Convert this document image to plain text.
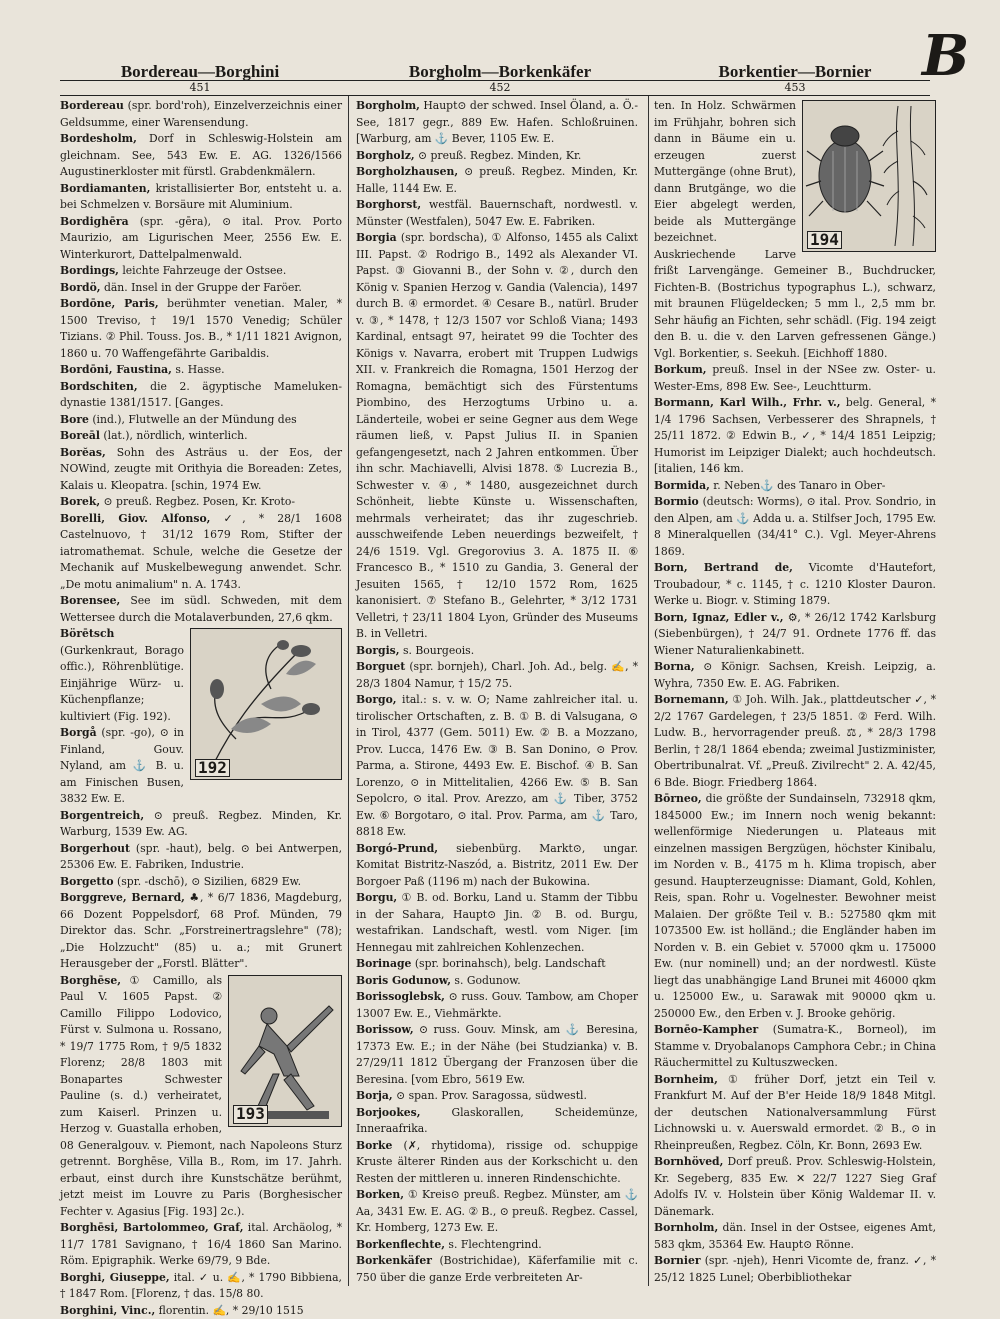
B
Bordereau—Borghini	Borgholm—Borkenkäfer	Borkentier—Bornier
451	452	453

Bordereau (spr. bord'roh), Einzelverzeichnis einer Geldsumme, einer Warensendung.

Bordesholm, Dorf in Schleswig-Holstein am gleichnam. See, 543 Ew. E. AG. 1326/1566 Augustinerkloster mit fürstl. Grabdenkmälern.

Bordiamanten, kristallisierter Bor, entsteht u. a. bei Schmelzen v. Borsäure mit Aluminium.

Bordighēra (spr. -gēra), ⊙ ital. Prov. Porto Maurizio, am Ligurischen Meer, 2556 Ew. E. Winterkurort, Dattelpalmenwald.

Bordings, leichte Fahrzeuge der Ostsee.

Bordö, dän. Insel in der Gruppe der Faröer.

Bordōne, Paris, berühmter venetian. Maler, * 1500 Treviso, † 19/1 1570 Venedig; Schüler Tizians. ② Phil. Touss. Jos. B., * 1/11 1821 Avignon, 1860 u. 70 Waffengefährte Garibaldis.

Bordōni, Faustina, s. Hasse.

Bordschiten, die 2. ägyptische Mameluken-dynastie 1381/1517. [Ganges.

Bore (ind.), Flutwelle an der Mündung des

Boreāl (lat.), nördlich, winterlich.

Borĕas, Sohn des Asträus u. der Eos, der NOWind, zeugte mit Orithyia die Boreaden: Zetes, Kalais u. Kleopatra. [schin, 1974 Ew.

Borek, ⊙ preuß. Regbez. Posen, Kr. Kroto-

Borelli, Giov. Alfonso, ✓, * 28/1 1608 Castelnuovo, † 31/12 1679 Rom, Stifter der iatromathemat. Schule, welche die Gesetze der Mechanik auf Muskelbewegung anwendet. Schr. „De motu animalium" n. A. 1743.

Borensee, See im südl. Schweden, mit dem Wettersee durch die Motalaverbunden, 27,6 qkm.

192
Börētsch (Gurkenkraut, Borago offic.), Röhrenblütige. Einjährige Würz- u. Küchenpflanze; kultiviert (Fig. 192).

Borgå (spr. -go), ⊙ in Finland, Gouv. Nyland, am ⚓ B. u. am Finischen Busen, 3832 Ew. E.

Borgentreich, ⊙ preuß. Regbez. Minden, Kr. Warburg, 1539 Ew. AG.

Borgerhout (spr. -haut), belg. ⊙ bei Antwerpen, 25306 Ew. E. Fabriken, Industrie.

Borgetto (spr. -dschō), ⊙ Sizilien, 6829 Ew.

Borggreve, Bernard, ♣, * 6/7 1836, Magdeburg, 66 Dozent Poppelsdorf, 68 Prof. Münden, 79 Direktor das. Schr. „Forstreinertragslehre" (78); „Die Holzzucht" (85) u. a.; mit Grunert Herausgeber der „Forstl. Blätter".

193
Borghēse, ① Camillo, als Paul V. 1605 Papst. ② Camillo Filippo Lodovico, Fürst v. Sulmona u. Rossano, * 19/7 1775 Rom, † 9/5 1832 Florenz; 28/8 1803 mit Bonapartes Schwester Pauline (s. d.) verheiratet, zum Kaiserl. Prinzen u. Herzog v. Guastalla erhoben, 08 Generalgouv. v. Piemont, nach Napoleons Sturz getrennt. Borghēse, Villa B., Rom, im 17. Jahrh. erbaut, einst durch ihre Kunstschätze berühmt, jetzt meist im Louvre zu Paris (Borghesischer Fechter v. Agasius [Fig. 193] 2c.).

Borghēsi, Bartolommeo, Graf, ital. Archäolog, * 11/7 1781 Savignano, † 16/4 1860 San Marino. Röm. Epigraphik. Werke 69/79, 9 Bde.

Borghi, Giuseppe, ital. ✓ u. ✍, * 1790 Bibbiena, † 1847 Rom. [Florenz, † das. 15/8 80.

Borghini, Vinc., florentin. ✍, * 29/10 1515

Borgholm, Haupt⊙ der schwed. Insel Öland, a. Ö.-See, 1817 gegr., 889 Ew. Hafen. Schloßruinen. [Warburg, am ⚓ Bever, 1105 Ew. E.

Borgholz, ⊙ preuß. Regbez. Minden, Kr.

Borgholzhausen, ⊙ preuß. Regbez. Minden, Kr. Halle, 1144 Ew. E.

Borghorst, westfäl. Bauernschaft, nordwestl. v. Münster (Westfalen), 5047 Ew. E. Fabriken.

Borgia (spr. bordscha), ① Alfonso, 1455 als Calixt III. Papst. ② Rodrigo B., 1492 als Alexander VI. Papst. ③ Giovanni B., der Sohn v. ②, durch den König v. Spanien Herzog v. Gandia (Valencia), 1497 durch B. ④ ermordet. ④ Cesare B., natürl. Bruder v. ③, * 1478, † 12/3 1507 vor Schloß Viana; 1493 Kardinal, entsagt 97, heiratet 99 die Tochter des Königs v. Navarra, erobert mit Truppen Ludwigs XII. v. Frankreich die Romagna, 1501 Herzog der Romagna, bemächtigt sich des Fürstentums Piombino, des Herzogtums Urbino u. a. Länderteile, wobei er seine Gegner aus dem Wege räumen ließ, v. Papst Julius II. in Spanien gefangengesetzt, nach 2 Jahren entkommen. Über ihn schr. Machiavelli, Alvisi 1878. ⑤ Lucrezia B., Schwester v. ④, * 1480, ausgezeichnet durch Schönheit, liebte Künste u. Wissenschaften, mehrmals verheiratet; das ihr zugeschrieb. ausschweifende Leben neuerdings bezweifelt, † 24/6 1519. Vgl. Gregorovius 3. A. 1875 II. ⑥ Francesco B., * 1510 zu Gandia, 3. General der Jesuiten 1565, † 12/10 1572 Rom, 1625 kanonisiert. ⑦ Stefano B., Gelehrter, * 3/12 1731 Velletri, † 23/11 1804 Lyon, Gründer des Museums B. in Velletri.

Borgis, s. Bourgeois.

Borguet (spr. bornjeh), Charl. Joh. Ad., belg. ✍, * 28/3 1804 Namur, † 15/2 75.

Borgo, ital.: s. v. w. O; Name zahlreicher ital. u. tirolischer Ortschaften, z. B. ① B. di Valsugana, ⊙ in Tirol, 4377 (Gem. 5011) Ew. ② B. a Mozzano, Prov. Lucca, 1476 Ew. ③ B. San Donino, ⊙ Prov. Parma, a. Stirone, 4493 Ew. E. Bischof. ④ B. San Lorenzo, ⊙ in Mittelitalien, 4266 Ew. ⑤ B. San Sepolcro, ⊙ ital. Prov. Arezzo, am ⚓ Tiber, 3752 Ew. ⑥ Borgotaro, ⊙ ital. Prov. Parma, am ⚓ Taro, 8818 Ew.

Borgó-Prund, siebenbürg. Markt⊙, ungar. Komitat Bistritz-Naszód, a. Bistritz, 2011 Ew. Der Borgoer Paß (1196 m) nach der Bukowina.

Borgu, ① B. od. Borku, Land u. Stamm der Tibbu in der Sahara, Haupt⊙ Jin. ② B. od. Burgu, westafrikan. Landschaft, westl. vom Niger. [im Hennegau mit zahlreichen Kohlenzechen.

Borinage (spr. borinahsch), belg. Landschaft

Boris Godunow, s. Godunow.

Borissoglebsk, ⊙ russ. Gouv. Tambow, am Choper 13007 Ew. E., Viehmärkte.

Borissow, ⊙ russ. Gouv. Minsk, am ⚓ Beresina, 17373 Ew. E.; in der Nähe (bei Studzianka) v. B. 27/29/11 1812 Übergang der Franzosen über die Beresina. [vom Ebro, 5619 Ew.

Borja, ⊙ span. Prov. Saragossa, südwestl.

Borjookes, Glaskorallen, Scheidemünze, Inneraafrika.

Borke (✗, rhytidoma), rissige od. schuppige Kruste älterer Rinden aus der Korkschicht u. den Resten der mittleren u. inneren Rindenschichte.

Borken, ① Kreis⊙ preuß. Regbez. Münster, am ⚓ Aa, 3431 Ew. E. AG. ② B., ⊙ preuß. Regbez. Cassel, Kr. Homberg, 1273 Ew. E.

Borkenflechte, s. Flechtengrind.

Borkenkäfer (Bostrichidae), Käferfamilie mit c. 750 über die ganze Erde verbreiteten Ar-

194
ten. In Holz. Schwärmen im Frühjahr, bohren sich dann in Bäume ein u. erzeugen zuerst Muttergänge (ohne Brut), dann Brutgänge, wo die Eier abgelegt werden, beide als Muttergänge bezeichnet. Auskriechende Larve frißt Larvengänge. Gemeiner B., Buchdrucker, Fichten-B. (Bostrichus typographus L.), schwarz, mit braunen Flügeldecken; 5 mm l., 2,5 mm br. Sehr häufig an Fichten, sehr schädl. (Fig. 194 zeigt den B. u. die v. den Larven gefressenen Gänge.) Vgl. Borkentier, s. Seekuh. [Eichhoff 1880.

Borkum, preuß. Insel in der NSee zw. Oster- u. Wester-Ems, 898 Ew. See-, Leuchtturm.

Bormann, Karl Wilh., Frhr. v., belg. General, * 1/4 1796 Sachsen, Verbesserer des Shrapnels, † 25/11 1872. ② Edwin B., ✓, * 14/4 1851 Leipzig; Humorist im Leipziger Dialekt; auch hochdeutsch. [italien, 146 km.

Bormida, r. Neben⚓ des Tanaro in Ober-

Bormio (deutsch: Worms), ⊙ ital. Prov. Sondrio, in den Alpen, am ⚓ Adda u. a. Stilfser Joch, 1795 Ew. 8 Mineralquellen (34/41° C.). Vgl. Meyer-Ahrens 1869.

Born, Bertrand de, Vicomte d'Hautefort, Troubadour, * c. 1145, † c. 1210 Kloster Dauron. Werke u. Biogr. v. Stiming 1879.

Born, Ignaz, Edler v., ⚙, * 26/12 1742 Karlsburg (Siebenbürgen), † 24/7 91. Ordnete 1776 ff. das Wiener Naturalienkabinett.

Borna, ⊙ Königr. Sachsen, Kreish. Leipzig, a. Wyhra, 7350 Ew. E. AG. Fabriken.

Bornemann, ① Joh. Wilh. Jak., plattdeutscher ✓, * 2/2 1767 Gardelegen, † 23/5 1851. ② Ferd. Wilh. Ludw. B., hervorragender preuß. ⚖, * 28/3 1798 Berlin, † 28/1 1864 ebenda; zweimal Justizminister, Obertribunalrat. Vf. „Preuß. Zivilrecht" 2. A. 42/45, 6 Bde. Biogr. Friedberg 1864.

Bōrneo, die größte der Sundainseln, 732918 qkm, 1845000 Ew.; im Innern noch wenig bekannt: wellenförmige Niederungen u. Plateaus mit einzelnen massigen Bergzügen, höchster Kinibalu, im Norden v. B., 4175 m h. Klima tropisch, aber gesund. Haupterzeugnisse: Diamant, Gold, Kohlen, Reis, span. Rohr u. Vogelnester. Bewohner meist Malaien. Der größte Teil v. B.: 527580 qkm mit 1073500 Ew. ist holländ.; die Engländer haben im Norden v. B. ein Gebiet v. 57000 qkm u. 175000 Ew. (nur nominell) und; an der nordwestl. Küste liegt das unabhängige Land Brunei mit 46000 qkm u. 125000 Ew., u. Sarawak mit 90000 qkm u. 250000 Ew., den Erben v. J. Brooke gehörig.

Bornēo-Kampher (Sumatra-K., Borneol), im Stamme v. Dryobalanops Camphora Cebr.; in China Räuchermittel zu Kultuszwecken.

Bornheim, ① früher Dorf, jetzt ein Teil v. Frankfurt M. Auf der B'er Heide 18/9 1848 Mitgl. der deutschen Nationalversammlung Fürst Lichnowski u. v. Auerswald ermordet. ② B., ⊙ in Rheinpreußen, Regbez. Cöln, Kr. Bonn, 2693 Ew.

Bornhöved, Dorf preuß. Prov. Schleswig-Holstein, Kr. Segeberg, 835 Ew. ✕ 22/7 1227 Sieg Graf Adolfs IV. v. Holstein über König Waldemar II. v. Dänemark.

Bornholm, dän. Insel in der Ostsee, eigenes Amt, 583 qkm, 35364 Ew. Haupt⊙ Rönne.

Bornier (spr. -njeh), Henri Vicomte de, franz. ✓, * 25/12 1825 Lunel; Oberbibliothekar
